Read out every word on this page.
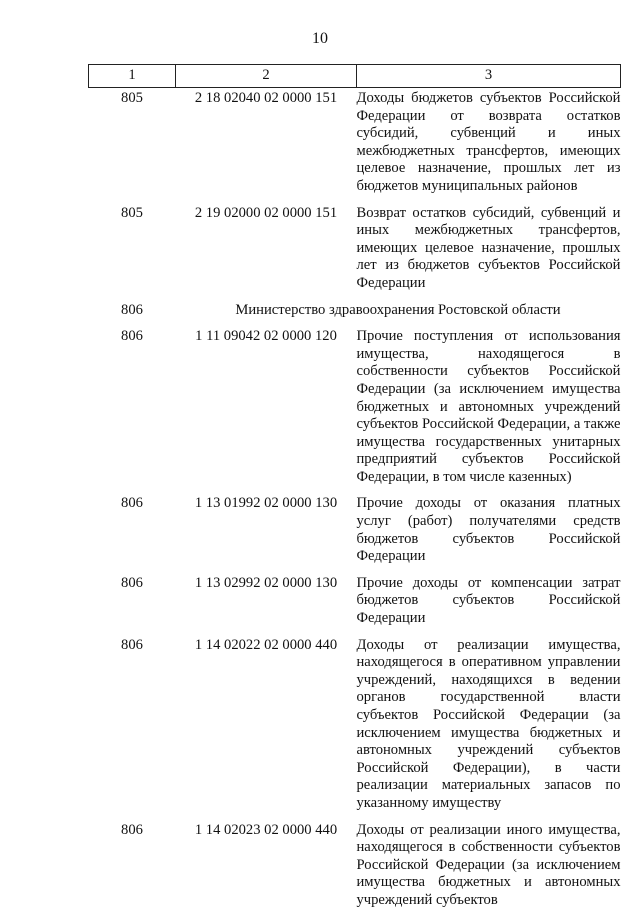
10
1	2	3
805	2 18 02040 02 0000 151	Доходы бюджетов субъектов Российской Федерации от возврата остатков субсидий, субвенций и иных межбюджетных трансфертов, имеющих целевое назначение, прошлых лет из бюджетов муниципальных районов
805	2 19 02000 02 0000 151	Возврат остатков субсидий, субвенций и иных межбюджетных трансфертов, имеющих целевое назначение, прошлых лет из бюджетов субъектов Российской Федерации
806	Министерство здравоохранения Ростовской области	
806	1 11 09042 02 0000 120	Прочие поступления от использования имущества, находящегося в собственности субъектов Российской Федерации (за исключением имущества бюджетных и автономных учреждений субъектов Российской Федерации, а также имущества государственных унитарных предприятий субъектов Российской Федерации, в том числе казенных)
806	1 13 01992 02 0000 130	Прочие доходы от оказания платных услуг (работ) получателями средств бюджетов субъектов Российской Федерации
806	1 13 02992 02 0000 130	Прочие доходы от компенсации затрат бюджетов субъектов Российской Федерации
806	1 14 02022 02 0000 440	Доходы от реализации имущества, находящегося в оперативном управлении учреждений, находящихся в ведении органов государственной власти субъектов Российской Федерации (за исключением имущества бюджетных и автономных учреждений субъектов Российской Федерации), в части реализации материальных запасов по указанному имуществу
806	1 14 02023 02 0000 440	Доходы от реализации иного имущества, находящегося в собственности субъектов Российской Федерации (за исключением имущества бюджетных и автономных учреждений субъектов
